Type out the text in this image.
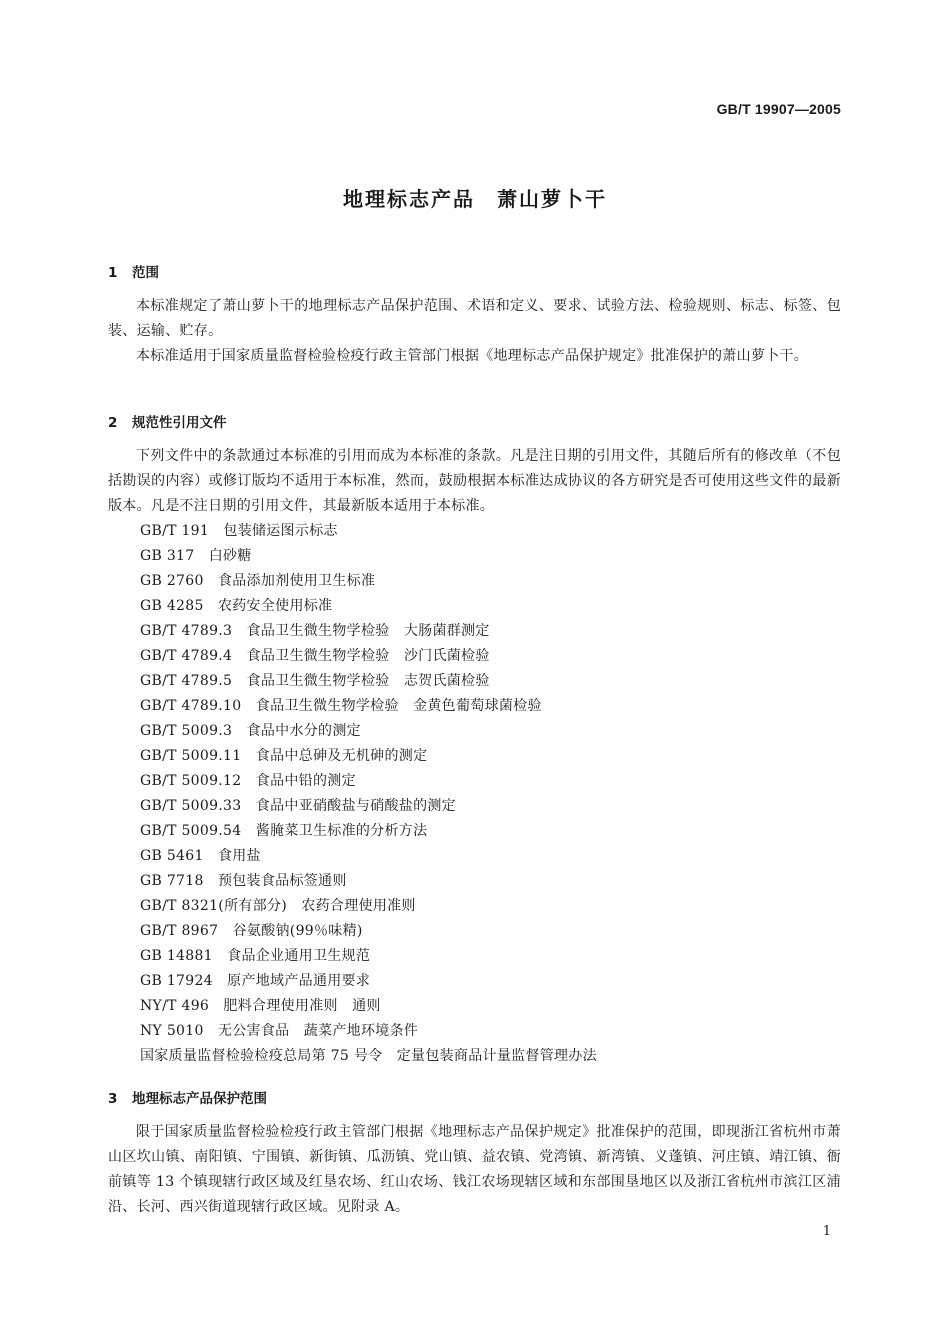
GB/T 19907—2005
地理标志产品　萧山萝卜干
1 范围
本标准规定了萧山萝卜干的地理标志产品保护范围、术语和定义、要求、试验方法、检验规则、标志、标签、包装、运输、贮存。
本标准适用于国家质量监督检验检疫行政主管部门根据《地理标志产品保护规定》批准保护的萧山萝卜干。
2 规范性引用文件
下列文件中的条款通过本标准的引用而成为本标准的条款。凡是注日期的引用文件，其随后所有的修改单（不包括勘误的内容）或修订版均不适用于本标准，然而，鼓励根据本标准达成协议的各方研究是否可使用这些文件的最新版本。凡是不注日期的引用文件，其最新版本适用于本标准。
GB/T 191　包装储运图示标志
GB 317　白砂糖
GB 2760　食品添加剂使用卫生标准
GB 4285　农药安全使用标准
GB/T 4789.3　食品卫生微生物学检验　大肠菌群测定
GB/T 4789.4　食品卫生微生物学检验　沙门氏菌检验
GB/T 4789.5　食品卫生微生物学检验　志贺氏菌检验
GB/T 4789.10　食品卫生微生物学检验　金黄色葡萄球菌检验
GB/T 5009.3　食品中水分的测定
GB/T 5009.11　食品中总砷及无机砷的测定
GB/T 5009.12　食品中铅的测定
GB/T 5009.33　食品中亚硝酸盐与硝酸盐的测定
GB/T 5009.54　酱腌菜卫生标准的分析方法
GB 5461　食用盐
GB 7718　预包装食品标签通则
GB/T 8321(所有部分)　农药合理使用准则
GB/T 8967　谷氨酸钠(99％味精)
GB 14881　食品企业通用卫生规范
GB 17924　原产地域产品通用要求
NY/T 496　肥料合理使用准则　通则
NY 5010　无公害食品　蔬菜产地环境条件
国家质量监督检验检疫总局第 75 号令　定量包装商品计量监督管理办法
3 地理标志产品保护范围
限于国家质量监督检验检疫行政主管部门根据《地理标志产品保护规定》批准保护的范围，即现浙江省杭州市萧山区坎山镇、南阳镇、宁围镇、新街镇、瓜沥镇、党山镇、益农镇、党湾镇、新湾镇、义蓬镇、河庄镇、靖江镇、衙前镇等 13 个镇现辖行政区域及红垦农场、红山农场、钱江农场现辖区域和东部围垦地区以及浙江省杭州市滨江区浦沿、长河、西兴街道现辖行政区域。见附录 A。
1
